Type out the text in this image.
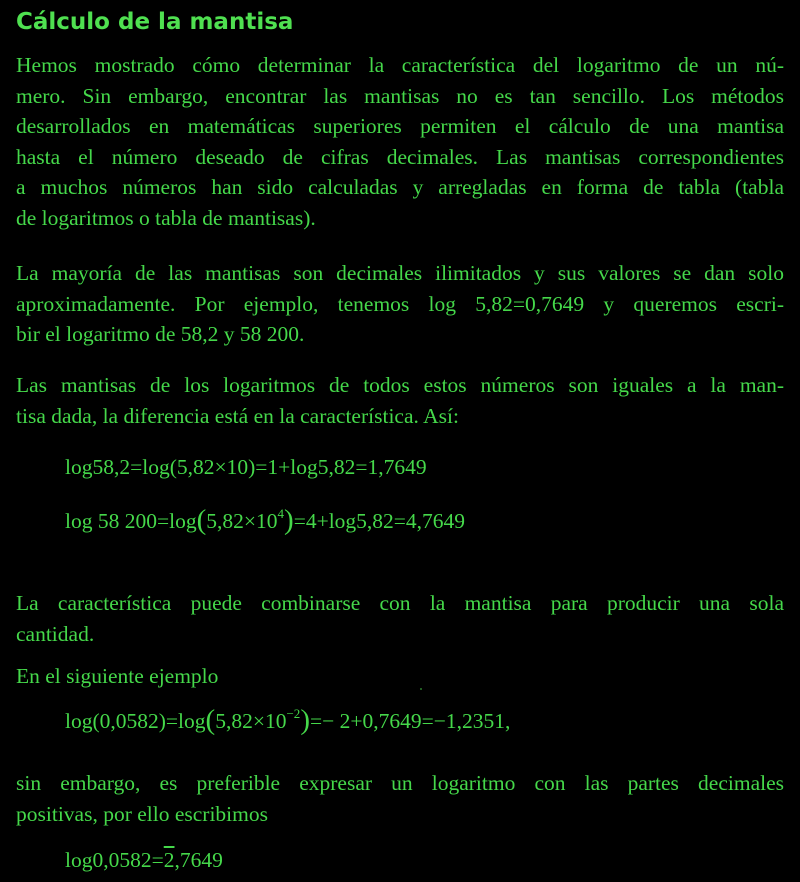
Cálculo de la mantisa
Hemos mostrado cómo determinar la característica del logaritmo de un nú-
mero. Sin embargo, encontrar las mantisas no es tan sencillo. Los métodos
desarrollados en matemáticas superiores permiten el cálculo de una mantisa
hasta el número deseado de cifras decimales. Las mantisas correspondientes
a muchos números han sido calculadas y arregladas en forma de tabla (tabla
de logaritmos o tabla de mantisas).
La mayoría de las mantisas son decimales ilimitados y sus valores se dan solo
aproximadamente. Por ejemplo, tenemos log 5,82=0,7649 y queremos escri-
bir el logaritmo de 58,2 y 58 200.
Las mantisas de los logaritmos de todos estos números son iguales a la man-
tisa dada, la diferencia está en la característica. Así:
log58,2=log(5,82×10)=1+log5,82=1,7649
log 58 $200=\log(5,82\times 10^4)=4+\log 5,82=4,7649$
La característica puede combinarse con la mantisa para producir una sola
cantidad.
En el siguiente ejemplo
$\log(0,0582)=\log(5,82\times 10^{-2})=- 2+0,7649=-1,2351$,
sin embargo, es preferible expresar un logaritmo con las partes decimales
positivas, por ello escribimos
log0,0582=2,7649
